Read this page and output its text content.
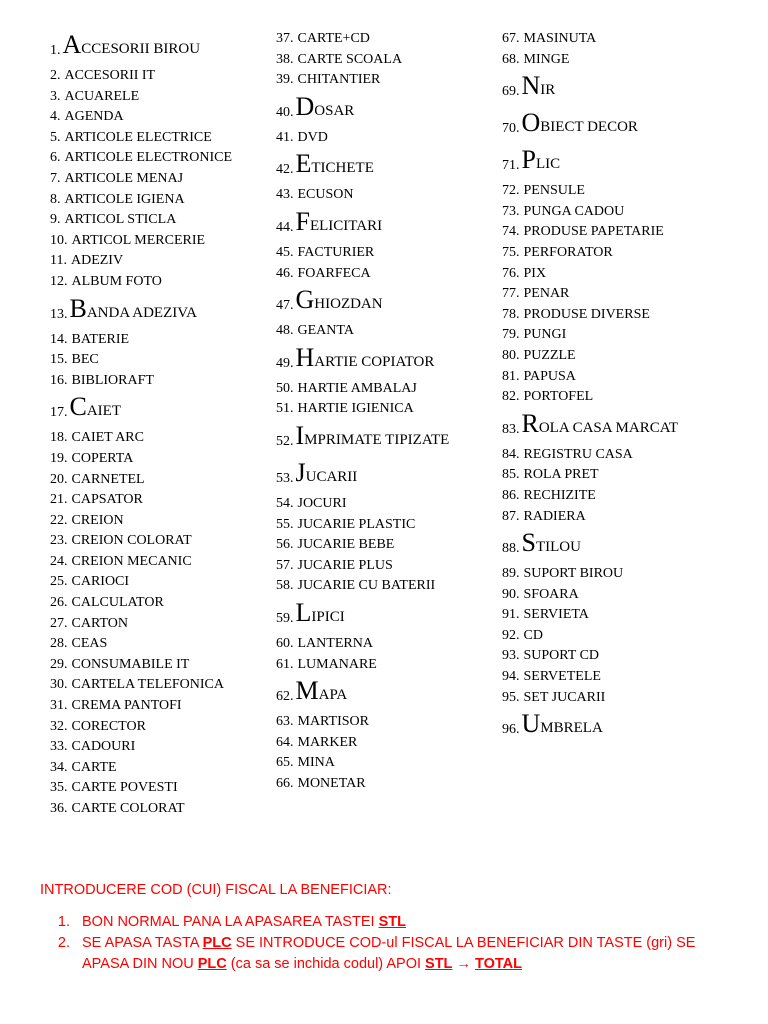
1. ACCESORII BIROU
2. ACCESORII IT
3. ACUARELE
4. AGENDA
5. ARTICOLE ELECTRICE
6. ARTICOLE ELECTRONICE
7. ARTICOLE MENAJ
8. ARTICOLE IGIENA
9. ARTICOL STICLA
10. ARTICOL MERCERIE
11. ADEZIV
12. ALBUM FOTO
13. BANDA ADEZIVA
14. BATERIE
15. BEC
16. BIBLIORAFT
17. CAIET
18. CAIET ARC
19. COPERTA
20. CARNETEL
21. CAPSATOR
22. CREION
23. CREION COLORAT
24. CREION MECANIC
25. CARIOCI
26. CALCULATOR
27. CARTON
28. CEAS
29. CONSUMABILE IT
30. CARTELA TELEFONICA
31. CREMA PANTOFI
32. CORECTOR
33. CADOURI
34. CARTE
35. CARTE POVESTI
36. CARTE COLORAT
37. CARTE+CD
38. CARTE SCOALA
39. CHITANTIER
40. DOSAR
41. DVD
42. ETICHETE
43. ECUSON
44. FELICITARI
45. FACTURIER
46. FOARFECA
47. GHIOZDAN
48. GEANTA
49. HARTIE COPIATOR
50. HARTIE AMBALAJ
51. HARTIE IGIENICA
52. IMPRIMATE TIPIZATE
53. JUCARII
54. JOCURI
55. JUCARIE PLASTIC
56. JUCARIE BEBE
57. JUCARIE PLUS
58. JUCARIE CU BATERII
59. LIPICI
60. LANTERNA
61. LUMANARE
62. MAPA
63. MARTISOR
64. MARKER
65. MINA
66. MONETAR
67. MASINUTA
68. MINGE
69. NIR
70. OBIECT DECOR
71. PLIC
72. PENSULE
73. PUNGA CADOU
74. PRODUSE PAPETARIE
75. PERFORATOR
76. PIX
77. PENAR
78. PRODUSE DIVERSE
79. PUNGI
80. PUZZLE
81. PAPUSA
82. PORTOFEL
83. ROLA CASA MARCAT
84. REGISTRU CASA
85. ROLA PRET
86. RECHIZITE
87. RADIERA
88. STILOU
89. SUPORT BIROU
90. SFOARA
91. SERVIETA
92. CD
93. SUPORT CD
94. SERVETELE
95. SET JUCARII
96. UMBRELA
INTRODUCERE COD (CUI) FISCAL LA BENEFICIAR:
1. BON NORMAL PANA LA APASAREA TASTEI STL
2. SE APASA TASTA PLC SE INTRODUCE COD-ul FISCAL LA BENEFICIAR DIN TASTE (gri) SE APASA DIN NOU PLC (ca sa se inchida codul) APOI STL → TOTAL
